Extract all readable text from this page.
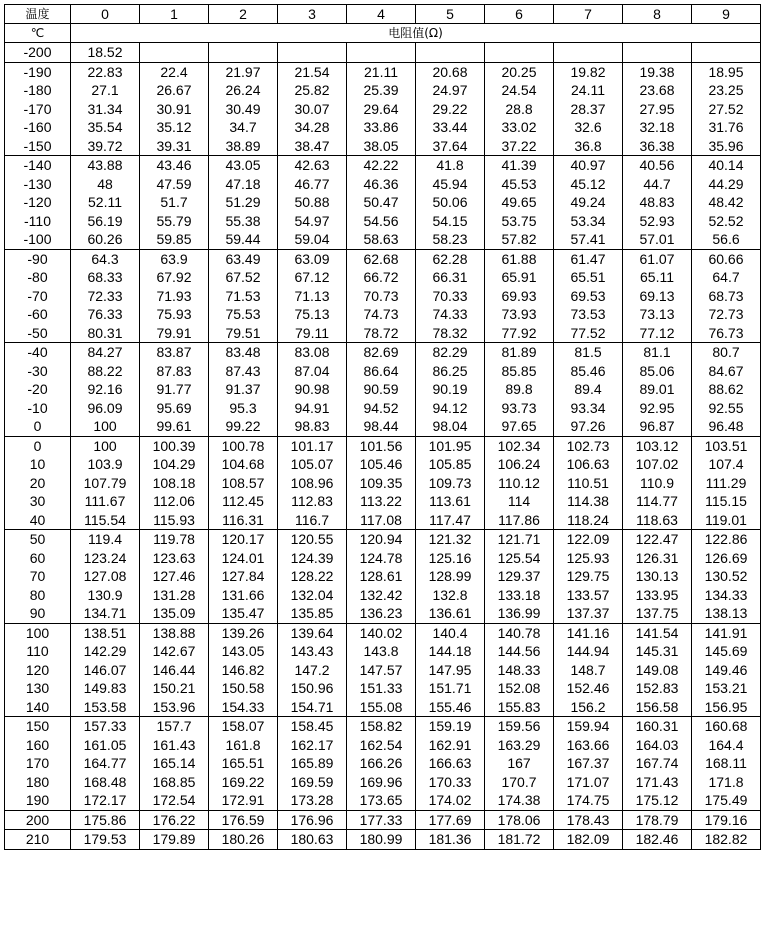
温度	0	1	2	3	4	5	6	7	8	9
℃	电阻值(Ω)									
-200	18.52									
-190	22.83	22.4	21.97	21.54	21.11	20.68	20.25	19.82	19.38	18.95
-180	27.1	26.67	26.24	25.82	25.39	24.97	24.54	24.11	23.68	23.25
-170	31.34	30.91	30.49	30.07	29.64	29.22	28.8	28.37	27.95	27.52
-160	35.54	35.12	34.7	34.28	33.86	33.44	33.02	32.6	32.18	31.76
-150	39.72	39.31	38.89	38.47	38.05	37.64	37.22	36.8	36.38	35.96
-140	43.88	43.46	43.05	42.63	42.22	41.8	41.39	40.97	40.56	40.14
-130	48	47.59	47.18	46.77	46.36	45.94	45.53	45.12	44.7	44.29
-120	52.11	51.7	51.29	50.88	50.47	50.06	49.65	49.24	48.83	48.42
-110	56.19	55.79	55.38	54.97	54.56	54.15	53.75	53.34	52.93	52.52
-100	60.26	59.85	59.44	59.04	58.63	58.23	57.82	57.41	57.01	56.6
-90	64.3	63.9	63.49	63.09	62.68	62.28	61.88	61.47	61.07	60.66
-80	68.33	67.92	67.52	67.12	66.72	66.31	65.91	65.51	65.11	64.7
-70	72.33	71.93	71.53	71.13	70.73	70.33	69.93	69.53	69.13	68.73
-60	76.33	75.93	75.53	75.13	74.73	74.33	73.93	73.53	73.13	72.73
-50	80.31	79.91	79.51	79.11	78.72	78.32	77.92	77.52	77.12	76.73
-40	84.27	83.87	83.48	83.08	82.69	82.29	81.89	81.5	81.1	80.7
-30	88.22	87.83	87.43	87.04	86.64	86.25	85.85	85.46	85.06	84.67
-20	92.16	91.77	91.37	90.98	90.59	90.19	89.8	89.4	89.01	88.62
-10	96.09	95.69	95.3	94.91	94.52	94.12	93.73	93.34	92.95	92.55
0	100	99.61	99.22	98.83	98.44	98.04	97.65	97.26	96.87	96.48
0	100	100.39	100.78	101.17	101.56	101.95	102.34	102.73	103.12	103.51
10	103.9	104.29	104.68	105.07	105.46	105.85	106.24	106.63	107.02	107.4
20	107.79	108.18	108.57	108.96	109.35	109.73	110.12	110.51	110.9	111.29
30	111.67	112.06	112.45	112.83	113.22	113.61	114	114.38	114.77	115.15
40	115.54	115.93	116.31	116.7	117.08	117.47	117.86	118.24	118.63	119.01
50	119.4	119.78	120.17	120.55	120.94	121.32	121.71	122.09	122.47	122.86
60	123.24	123.63	124.01	124.39	124.78	125.16	125.54	125.93	126.31	126.69
70	127.08	127.46	127.84	128.22	128.61	128.99	129.37	129.75	130.13	130.52
80	130.9	131.28	131.66	132.04	132.42	132.8	133.18	133.57	133.95	134.33
90	134.71	135.09	135.47	135.85	136.23	136.61	136.99	137.37	137.75	138.13
100	138.51	138.88	139.26	139.64	140.02	140.4	140.78	141.16	141.54	141.91
110	142.29	142.67	143.05	143.43	143.8	144.18	144.56	144.94	145.31	145.69
120	146.07	146.44	146.82	147.2	147.57	147.95	148.33	148.7	149.08	149.46
130	149.83	150.21	150.58	150.96	151.33	151.71	152.08	152.46	152.83	153.21
140	153.58	153.96	154.33	154.71	155.08	155.46	155.83	156.2	156.58	156.95
150	157.33	157.7	158.07	158.45	158.82	159.19	159.56	159.94	160.31	160.68
160	161.05	161.43	161.8	162.17	162.54	162.91	163.29	163.66	164.03	164.4
170	164.77	165.14	165.51	165.89	166.26	166.63	167	167.37	167.74	168.11
180	168.48	168.85	169.22	169.59	169.96	170.33	170.7	171.07	171.43	171.8
190	172.17	172.54	172.91	173.28	173.65	174.02	174.38	174.75	175.12	175.49
200	175.86	176.22	176.59	176.96	177.33	177.69	178.06	178.43	178.79	179.16
210	179.53	179.89	180.26	180.63	180.99	181.36	181.72	182.09	182.46	182.82
